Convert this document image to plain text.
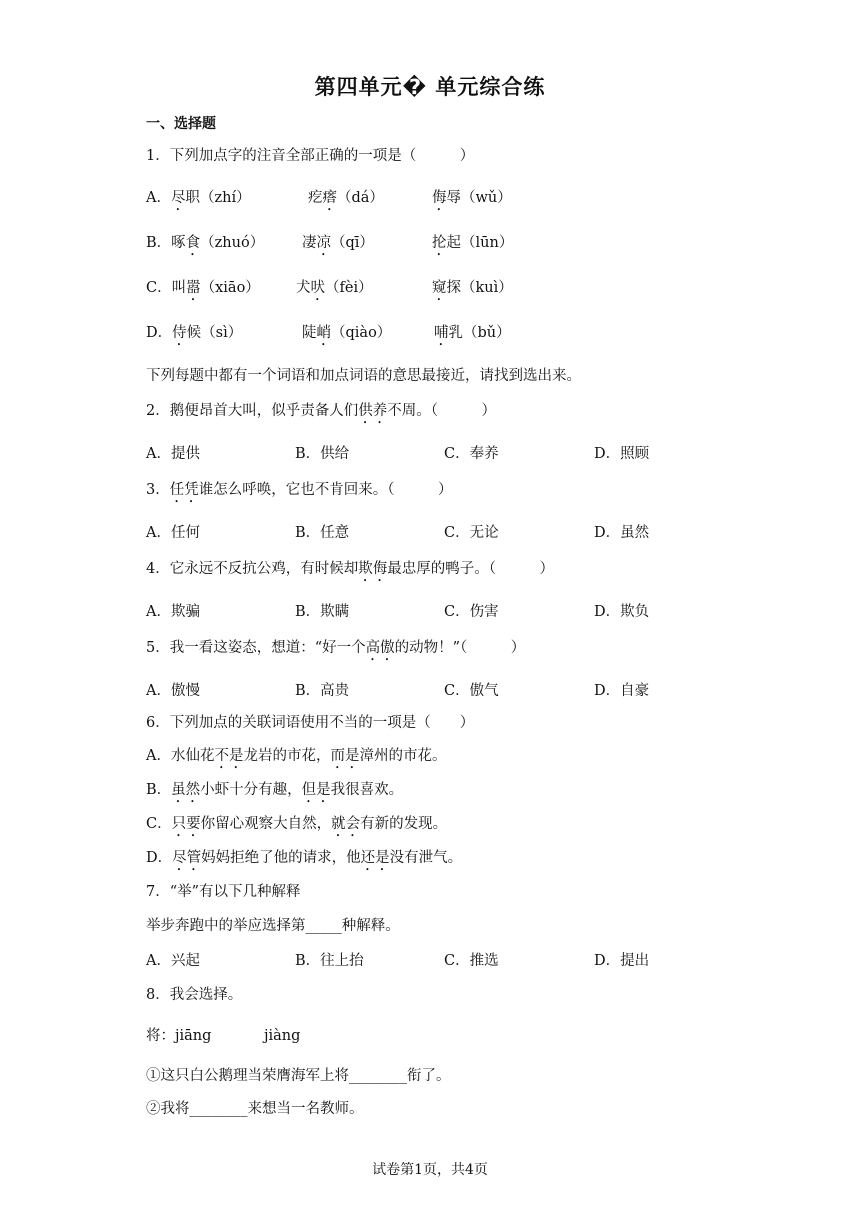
第四单元� 单元综合练
一、选择题
1．下列加点字的注音全部正确的一项是（　　　）
A．尽职（zhí）	疙瘩（dá）	侮辱（wǔ）
B．啄食（zhuó）	凄凉（qī）	抡起（lūn）
C．叫嚣（xiāo） 犬吠（fèi）	窥探（kuì）
D．侍候（sì）	陡峭（qiào）	哺乳（bǔ）
下列每题中都有一个词语和加点词语的意思最接近，请找到选出来。
2．鹅便昂首大叫，似乎责备人们供养不周。（　　　）
A．提供	B．供给	C．奉养	D．照顾
3．任凭谁怎么呼唤，它也不肯回来。（　　　）
A．任何	B．任意	C．无论	D．虽然
4．它永远不反抗公鸡，有时候却欺侮最忠厚的鸭子。（　　　）
A．欺骗	B．欺瞒	C．伤害	D．欺负
5．我一看这姿态，想道：“好一个高傲的动物！”（　　　）
A．傲慢	B．高贵	C．傲气	D．自豪
6．下列加点的关联词语使用不当的一项是（　　）
A．水仙花不是龙岩的市花，而是漳州的市花。
B．虽然小虾十分有趣，但是我很喜欢。
C．只要你留心观察大自然，就会有新的发现。
D．尽管妈妈拒绝了他的请求，他还是没有泄气。
7．“举”有以下几种解释
举步奔跑中的举应选择第_____种解释。
A．兴起	B．往上抬	C．推选	D．提出
8．我会选择。
将：jiāng	jiàng
①这只白公鹅理当荣膺海军上将________衔了。
②我将________来想当一名教师。
试卷第1页，共4页
